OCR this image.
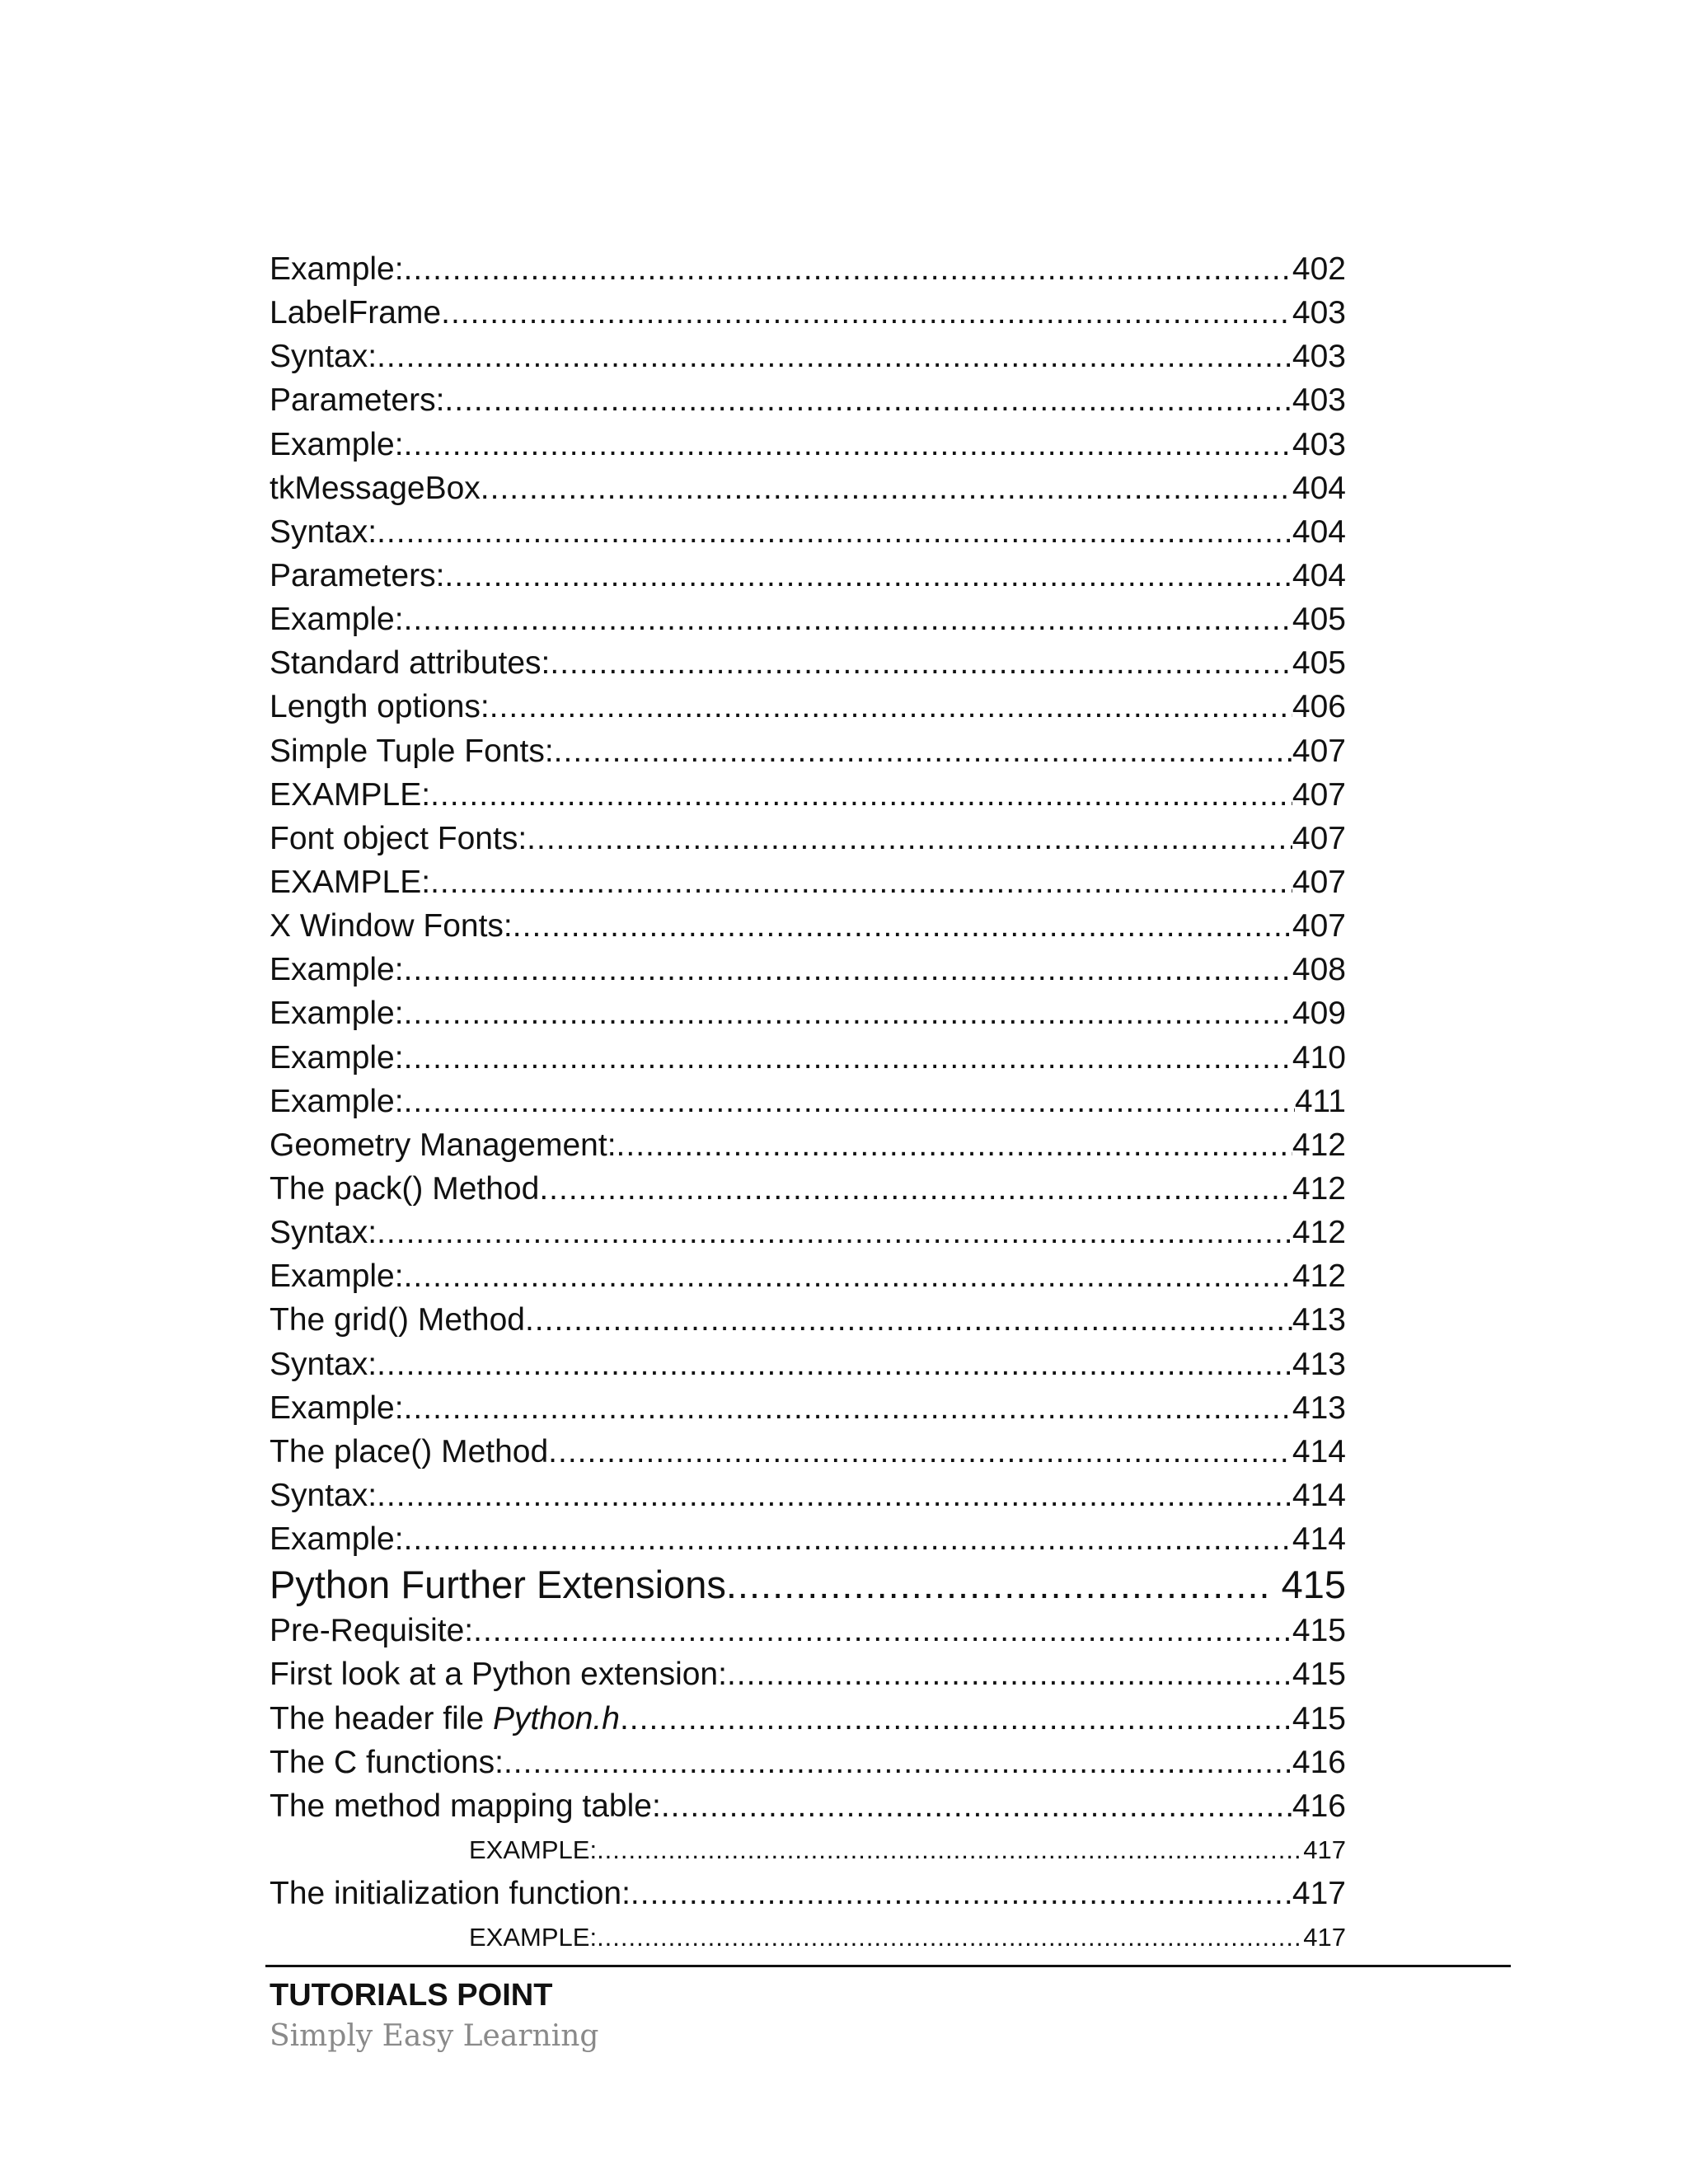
Example: .....	402
LabelFrame .....	403
Syntax: .....	403
Parameters: .....	403
Example: .....	403
tkMessageBox .....	404
Syntax: .....	404
Parameters: .....	404
Example: .....	405
Standard attributes: .....	405
Length options: .....	406
Simple Tuple Fonts: .....	407
EXAMPLE: .....	407
Font object Fonts: .....	407
EXAMPLE: .....	407
X Window Fonts: .....	407
Example: .....	408
Example: .....	409
Example: .....	410
Example: .....	411
Geometry Management: .....	412
The pack() Method .....	412
Syntax: .....	412
Example: .....	412
The grid() Method .....	413
Syntax: .....	413
Example: .....	413
The place() Method .....	414
Syntax: .....	414
Example: .....	414
Python Further Extensions .....	415
Pre-Requisite: .....	415
First look at a Python extension: .....	415
The header file Python.h .....	415
The C functions: .....	416
The method mapping table: .....	416
EXAMPLE: .....	417
The initialization function: .....	417
EXAMPLE: .....	417
TUTORIALS POINT
Simply Easy Learning
